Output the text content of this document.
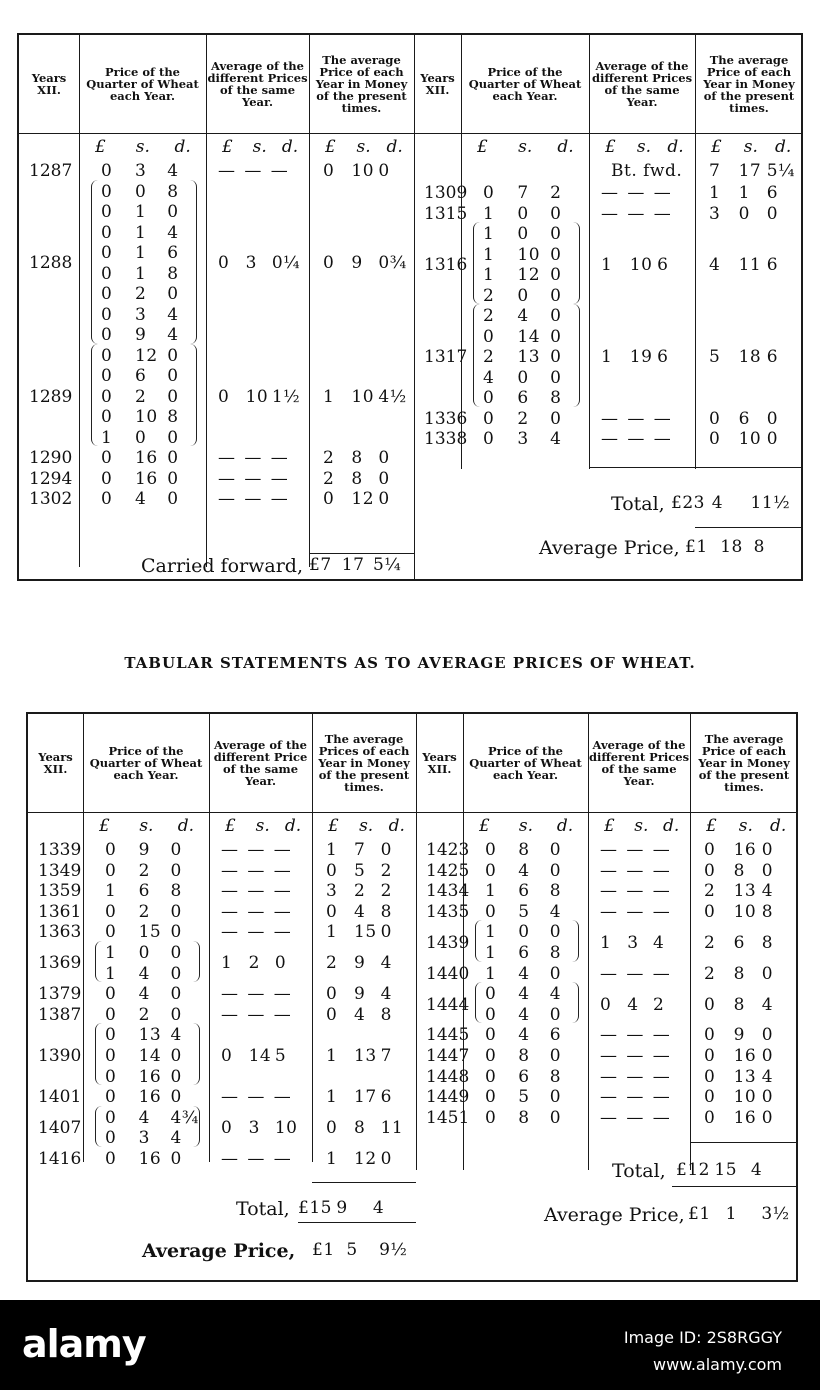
Years XII.
Price of the Quarter of Wheat each Year.
Average of the different Prices of the same Year.
The average Price of each Year in Money of the present times.
£ s. d. £ s. d. £ s. d.
1287 0 3 4 — — — 0 10 0
1288
0 0 8
0 1 0
0 1 4
0 1 6
0 1 8
0 2 0
0 3 4
0 9 4
0 3 0¼ 0 9 0¾
1289
0 12 0
0 6 0
0 2 0
0 10 8
1 0 0
0 10 1½ 1 10 4½
1290 0 16 0 — — — 2 8 0
1294 0 16 0 — — — 2 8 0
1302 0 4 0 — — — 0 12 0
Years XII.
Price of the Quarter of Wheat each Year.
Average of the different Prices of the same Year.
The average Price of each Year in Money of the present times.
£ s. d. £ s. d. £ s. d.
1309 0 7 2 — — — 1 1 6
1315 1 0 0 — — — 3 0 0
1316
1 0 0
1 10 0
1 12 0
2 0 0
1 10 6 4 11 6
1317
2 4 0
0 14 0
2 13 0
4 0 0
0 6 8
1 19 6 5 18 6
1336 0 2 0 — — — 0 6 0
1338 0 3 4 — — — 0 10 0
Bt. fwd. 7 17 5¼
Carried forward, £7 17 5¼
Total, £23 4 11½
Average Price, £1 18 8
TABULAR STATEMENTS AS TO AVERAGE PRICES OF WHEAT.
Years XII.
Price of the Quarter of Wheat each Year.
Average of the different Price of the same Year.
The average Prices of each Year in Money of the present times.
£ s. d. £ s. d. £ s. d.
1339 0 9 0 — — — 1 7 0
1349 0 2 0 — — — 0 5 2
1359 1 6 8 — — — 3 2 2
1361 0 2 0 — — — 0 4 8
1363 0 15 0 — — — 1 15 0
1369
1 0 0
1 4 0
1 2 0 2 9 4
1379 0 4 0 — — — 0 9 4
1387 0 2 0 — — — 0 4 8
1390
0 13 4
0 14 0
0 16 0
0 14 5 1 13 7
1401 0 16 0 — — — 1 17 6
1407
0 4 4¾
0 3 4
0 3 10 0 8 11
1416 0 16 0 — — — 1 12 0
Years XII.
Price of the Quarter of Wheat each Year.
Average of the different Prices of the same Year.
The average Price of each Year in Money of the present times.
£ s. d. £ s. d. £ s. d.
1423 0 8 0 — — — 0 16 0
1425 0 4 0 — — — 0 8 0
1434 1 6 8 — — — 2 13 4
1435 0 5 4 — — — 0 10 8
1439
1 0 0
1 6 8
1 3 4 2 6 8
1440 1 4 0 — — — 2 8 0
1444
0 4 4
0 4 0
0 4 2 0 8 4
1445 0 4 6 — — — 0 9 0
1447 0 8 0 — — — 0 16 0
1448 0 6 8 — — — 0 13 4
1449 0 5 0 — — — 0 10 0
1451 0 8 0 — — — 0 16 0
Total, £15 9 4
Average Price, £1 5 9½
Total, £12 15 4
Average Price, £1 1 3½
alamy	Image ID: 2S8RGGY
www.alamy.com
